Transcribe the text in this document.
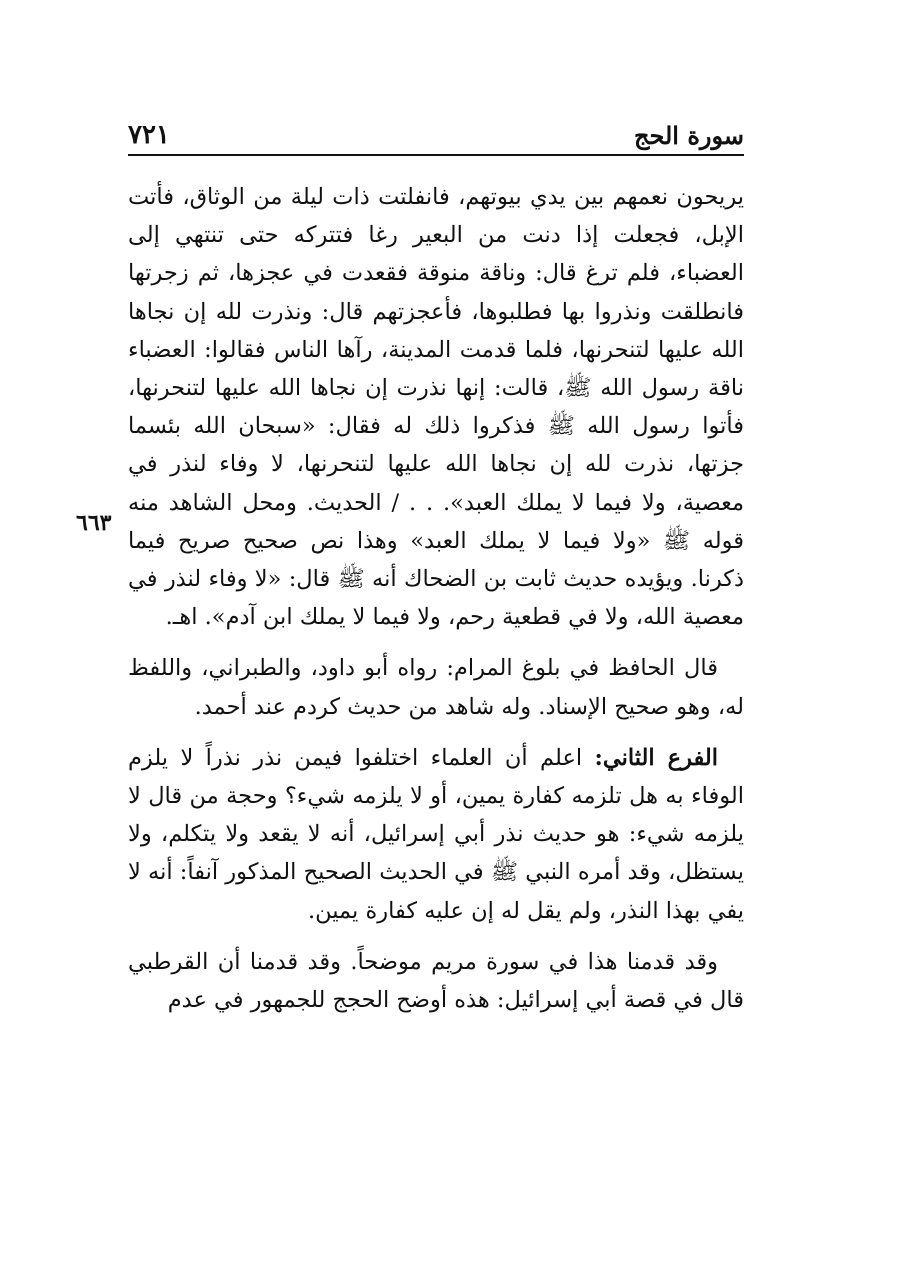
سورة الحج
٧٢١

يريحون نعمهم بين يدي بيوتهم، فانفلتت ذات ليلة من الوثاق، فأتت الإبل، فجعلت إذا دنت من البعير رغا فتتركه حتى تنتهي إلى العضباء، فلم ترغ قال: وناقة منوقة فقعدت في عجزها، ثم زجرتها فانطلقت ونذروا بها فطلبوها، فأعجزتهم قال: ونذرت لله إن نجاها الله عليها لتنحرنها، فلما قدمت المدينة، رآها الناس فقالوا: العضباء ناقة رسول الله ﷺ، قالت: إنها نذرت إن نجاها الله عليها لتنحرنها، فأتوا رسول الله ﷺ فذكروا ذلك له فقال: «سبحان الله بئسما جزتها، نذرت لله إن نجاها الله عليها لتنحرنها، لا وفاء لنذر في معصية، ولا فيما لا يملك العبد». . . / الحديث. ومحل الشاهد منه قوله ﷺ «ولا فيما لا يملك العبد» وهذا نص صحيح صريح فيما ذكرنا. ويؤيده حديث ثابت بن الضحاك أنه ﷺ قال: «لا وفاء لنذر في معصية الله، ولا في قطعية رحم، ولا فيما لا يملك ابن آدم». اهـ.

قال الحافظ في بلوغ المرام: رواه أبو داود، والطبراني، واللفظ له، وهو صحيح الإسناد. وله شاهد من حديث كردم عند أحمد.

الفرع الثاني: اعلم أن العلماء اختلفوا فيمن نذر نذراً لا يلزم الوفاء به هل تلزمه كفارة يمين، أو لا يلزمه شيء؟ وحجة من قال لا يلزمه شيء: هو حديث نذر أبي إسرائيل، أنه لا يقعد ولا يتكلم، ولا يستظل، وقد أمره النبي ﷺ في الحديث الصحيح المذكور آنفاً: أنه لا يفي بهذا النذر، ولم يقل له إن عليه كفارة يمين.

وقد قدمنا هذا في سورة مريم موضحاً. وقد قدمنا أن القرطبي قال في قصة أبي إسرائيل: هذه أوضح الحجج للجمهور في عدم

٦٦٣
